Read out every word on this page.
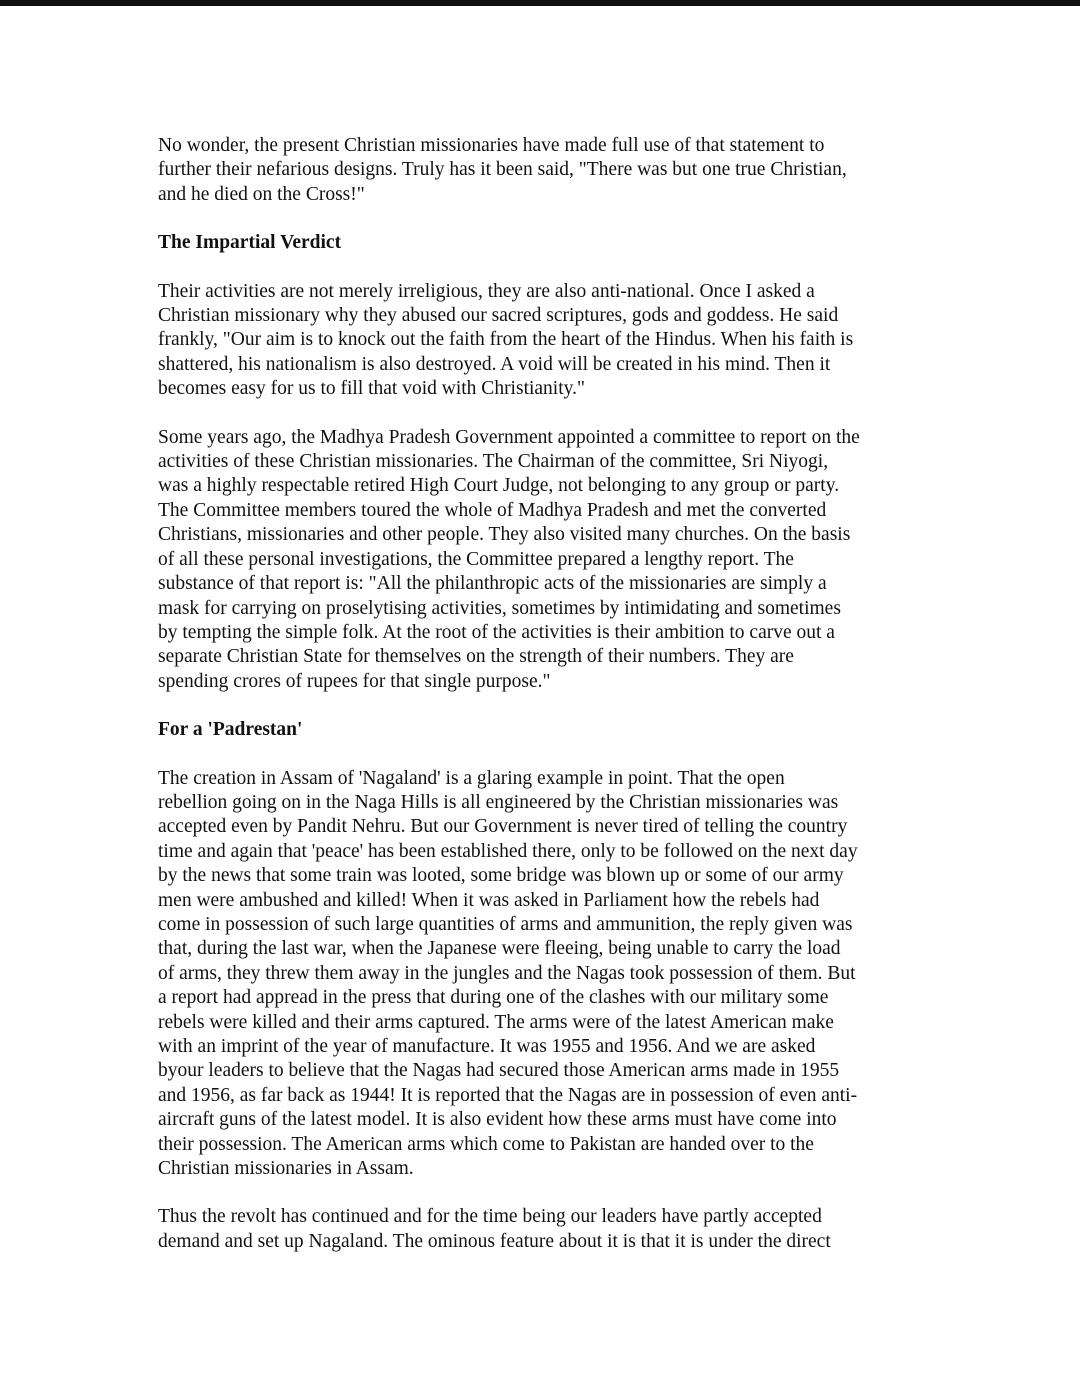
No wonder, the present Christian missionaries have made full use of that statement to
further their nefarious designs. Truly has it been said, "There was but one true Christian,
and he died on the Cross!"

The Impartial Verdict

Their activities are not merely irreligious, they are also anti-national. Once I asked a
Christian missionary why they abused our sacred scriptures, gods and goddess. He said
frankly, "Our aim is to knock out the faith from the heart of the Hindus. When his faith is
shattered, his nationalism is also destroyed. A void will be created in his mind. Then it
becomes easy for us to fill that void with Christianity."

Some years ago, the Madhya Pradesh Government appointed a committee to report on the
activities of these Christian missionaries. The Chairman of the committee, Sri Niyogi,
was a highly respectable retired High Court Judge, not belonging to any group or party.
The Committee members toured the whole of Madhya Pradesh and met the converted
Christians, missionaries and other people. They also visited many churches. On the basis
of all these personal investigations, the Committee prepared a lengthy report. The
substance of that report is: "All the philanthropic acts of the missionaries are simply a
mask for carrying on proselytising activities, sometimes by intimidating and sometimes
by tempting the simple folk. At the root of the activities is their ambition to carve out a
separate Christian State for themselves on the strength of their numbers. They are
spending crores of rupees for that single purpose."

For a 'Padrestan'

The creation in Assam of 'Nagaland' is a glaring example in point. That the open
rebellion going on in the Naga Hills is all engineered by the Christian missionaries was
accepted even by Pandit Nehru. But our Government is never tired of telling the country
time and again that 'peace' has been established there, only to be followed on the next day
by the news that some train was looted, some bridge was blown up or some of our army
men were ambushed and killed! When it was asked in Parliament how the rebels had
come in possession of such large quantities of arms and ammunition, the reply given was
that, during the last war, when the Japanese were fleeing, being unable to carry the load
of arms, they threw them away in the jungles and the Nagas took possession of them. But
a report had appread in the press that during one of the clashes with our military some
rebels were killed and their arms captured. The arms were of the latest American make
with an imprint of the year of manufacture. It was 1955 and 1956. And we are asked
byour leaders to believe that the Nagas had secured those American arms made in 1955
and 1956, as far back as 1944! It is reported that the Nagas are in possession of even anti-
aircraft guns of the latest model. It is also evident how these arms must have come into
their possession. The American arms which come to Pakistan are handed over to the
Christian missionaries in Assam.

Thus the revolt has continued and for the time being our leaders have partly accepted
demand and set up Nagaland. The ominous feature about it is that it is under the direct
